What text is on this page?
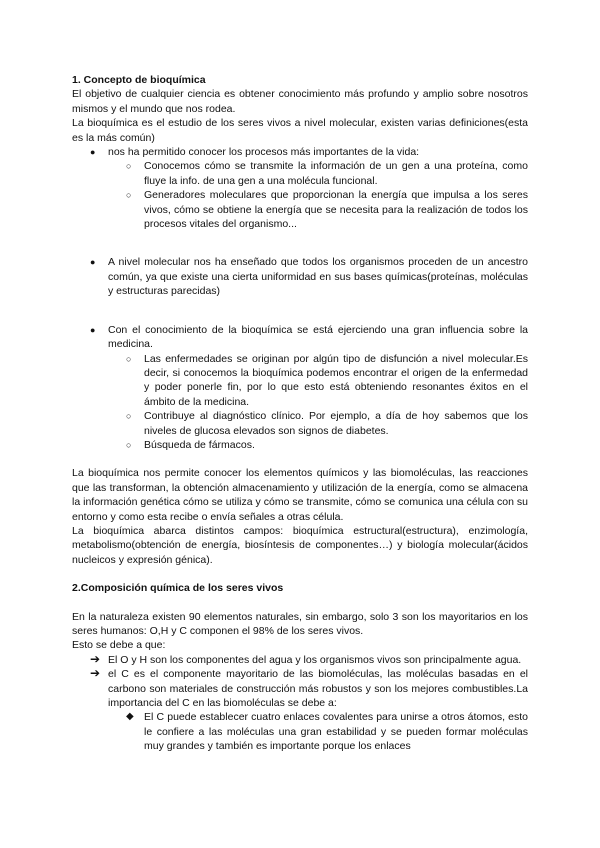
1. Concepto de bioquímica
El objetivo de cualquier ciencia es obtener conocimiento más profundo y amplio sobre nosotros mismos y el mundo que nos rodea.
La bioquímica es el estudio de los seres vivos a nivel molecular, existen varias definiciones(esta es la más común)
● nos ha permitido conocer los procesos más importantes de la vida:
○ Conocemos cómo se transmite la información de un gen a una proteína, como fluye la info. de una gen a una molécula funcional.
○ Generadores moleculares que proporcionan la energía que impulsa a los seres vivos, cómo se obtiene la energía que se necesita para la realización de todos los procesos vitales del organismo...
● A nivel molecular nos ha enseñado que todos los organismos proceden de un ancestro común, ya que existe una cierta uniformidad en sus bases químicas(proteínas, moléculas y estructuras parecidas)
● Con el conocimiento de la bioquímica se está ejerciendo una gran influencia sobre la medicina.
○ Las enfermedades se originan por algún tipo de disfunción a nivel molecular.Es decir, si conocemos la bioquímica podemos encontrar el origen de la enfermedad y poder ponerle fin, por lo que esto está obteniendo resonantes éxitos en el ámbito de la medicina.
○ Contribuye al diagnóstico clínico. Por ejemplo, a día de hoy sabemos que los niveles de glucosa elevados son signos de diabetes.
○ Búsqueda de fármacos.
La bioquímica nos permite conocer los elementos químicos y las biomoléculas, las reacciones que las transforman, la obtención almacenamiento y utilización de la energía, como se almacena la información genética cómo se utiliza y cómo se transmite, cómo se comunica una célula con su entorno y como esta recibe o envía señales a otras célula.
La bioquímica abarca distintos campos: bioquímica estructural(estructura), enzimología, metabolismo(obtención de energía, biosíntesis de componentes…) y biología molecular(ácidos nucleicos y expresión génica).
2.Composición química de los seres vivos
En la naturaleza existen 90 elementos naturales, sin embargo, solo 3 son los mayoritarios en los seres humanos: O,H y C componen el 98% de los seres vivos.
Esto se debe a que:
➔ El O y H son los componentes del agua y los organismos vivos son principalmente agua.
➔ el C es el componente mayoritario de las biomoléculas, las moléculas basadas en el carbono son materiales de construcción más robustos y son los mejores combustibles.La importancia del C en las biomoléculas se debe a:
◆ El C puede establecer cuatro enlaces covalentes para unirse a otros átomos, esto le confiere a las moléculas una gran estabilidad y se pueden formar moléculas muy grandes y también es importante porque los enlaces
